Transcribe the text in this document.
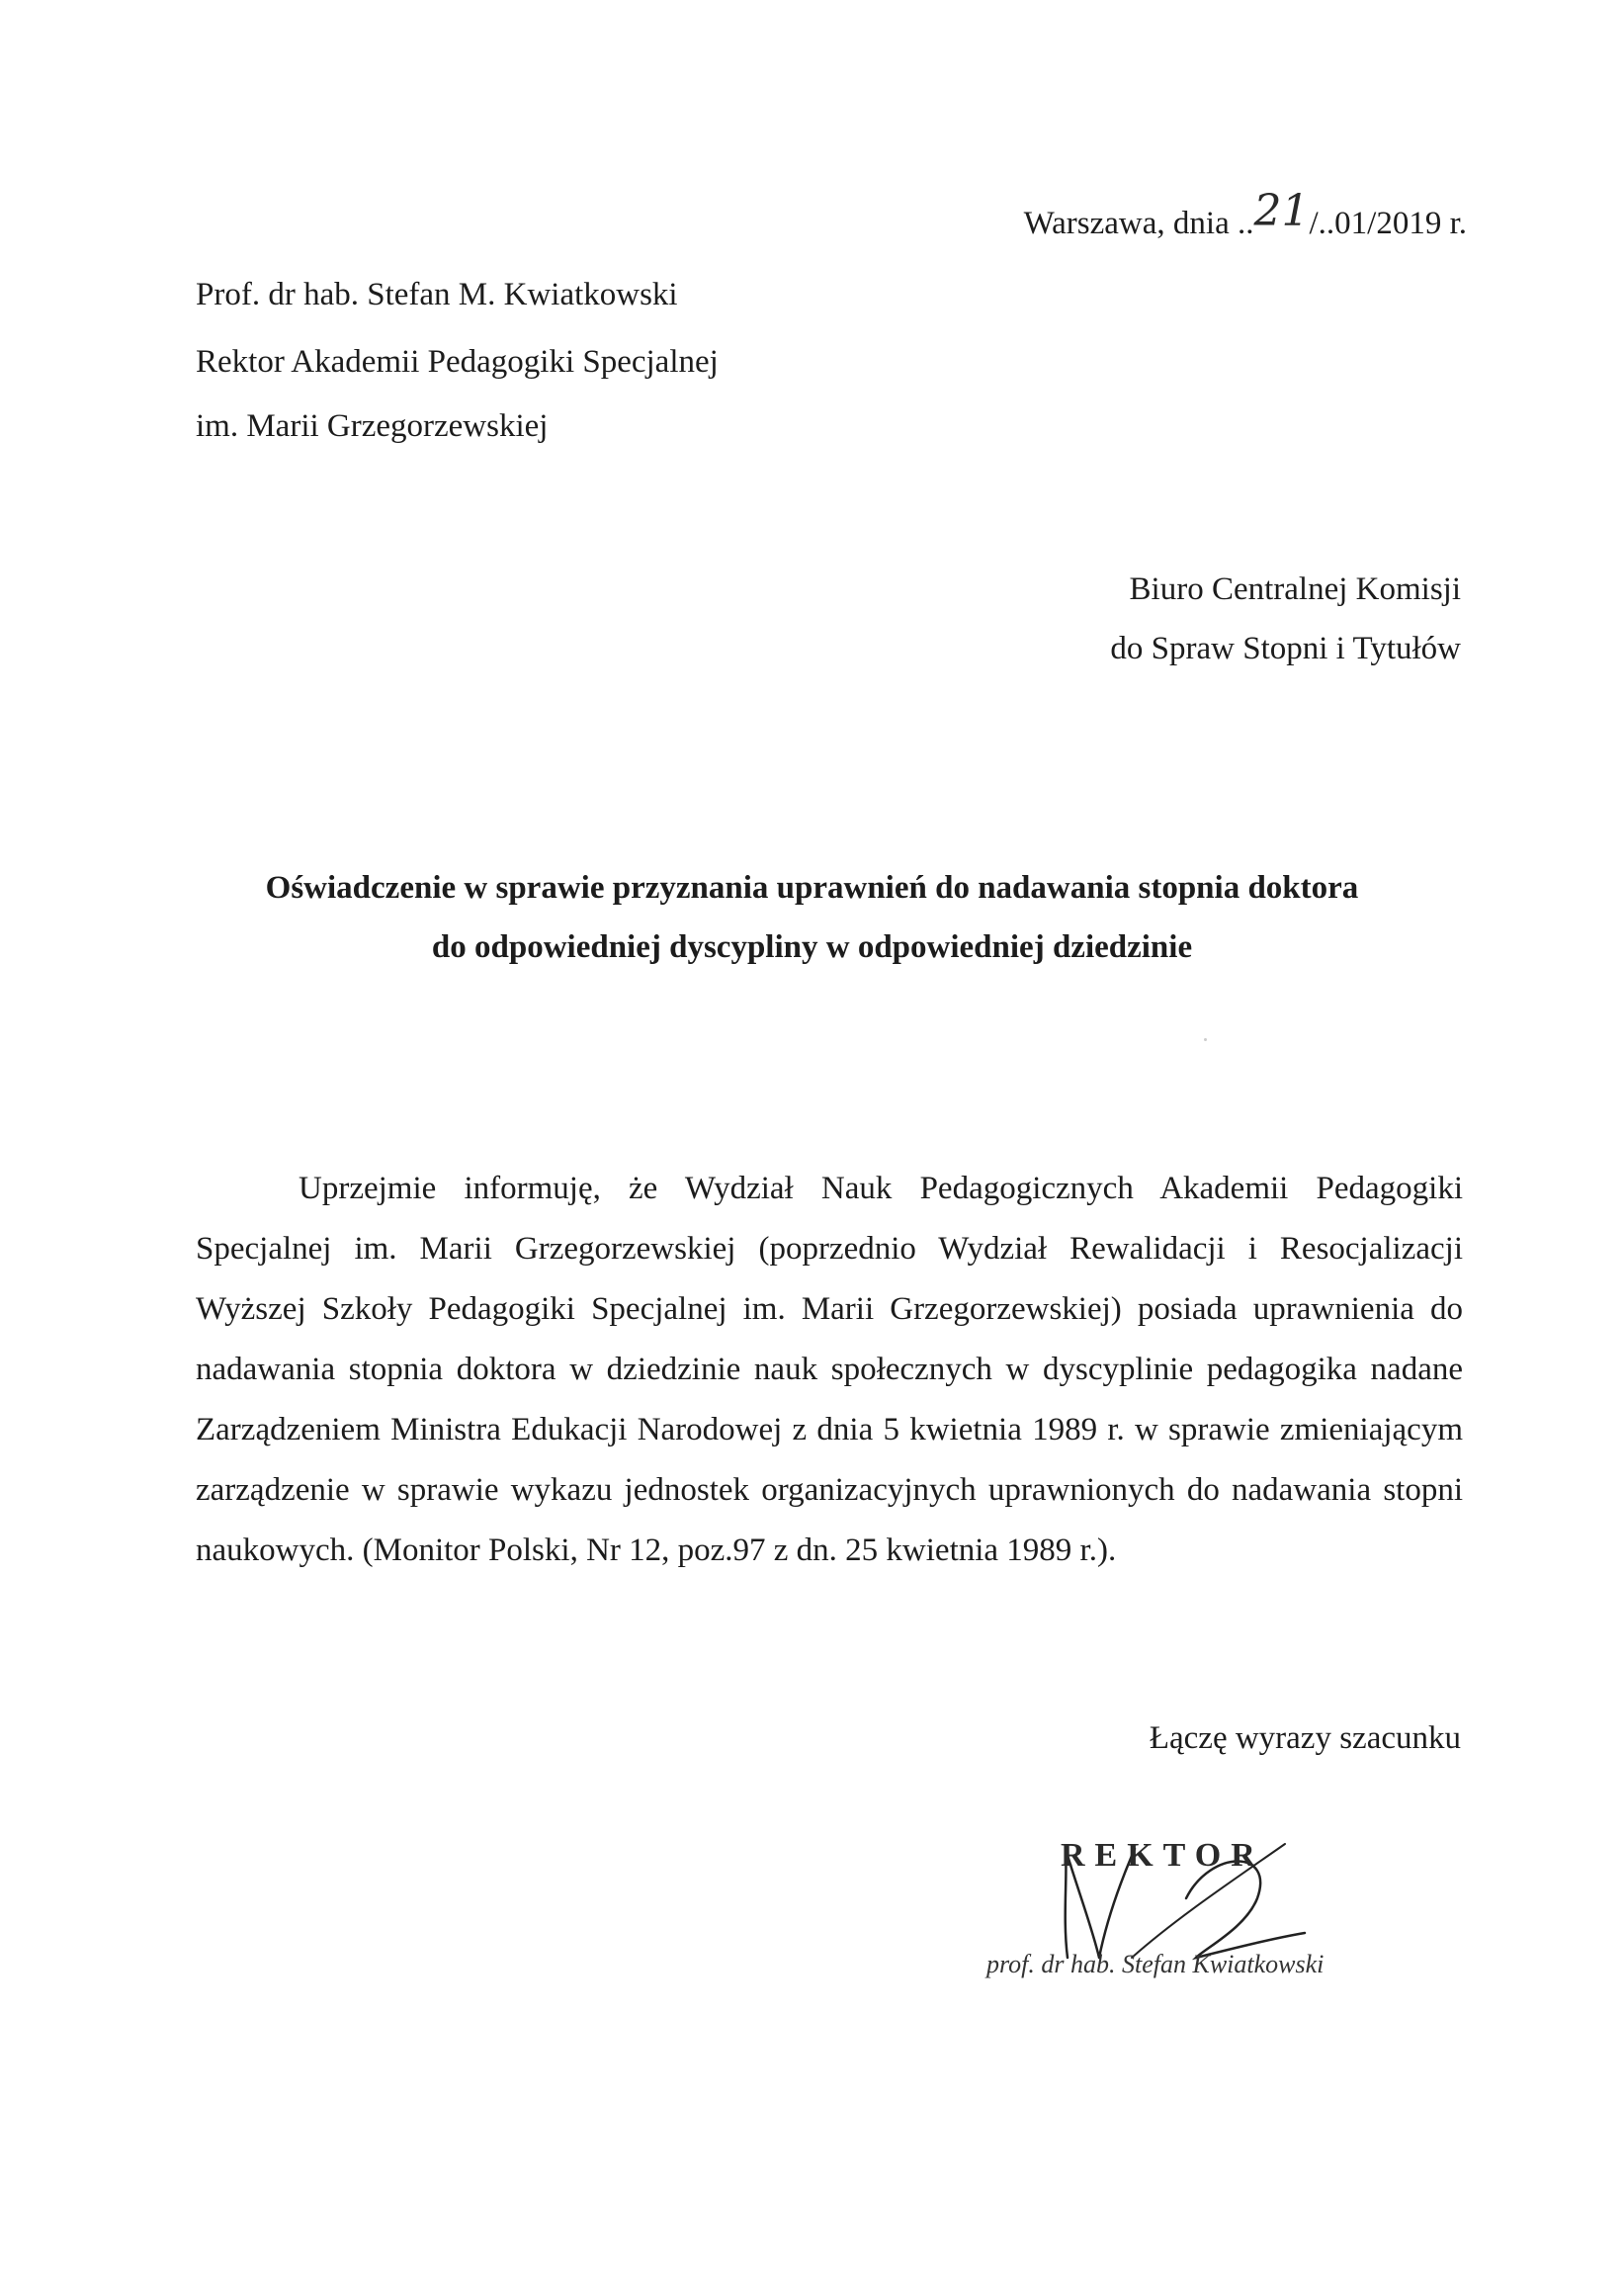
Warszawa, dnia ..21/..01/2019 r.
Prof. dr hab. Stefan M. Kwiatkowski
Rektor Akademii Pedagogiki Specjalnej
im. Marii Grzegorzewskiej
Biuro Centralnej Komisji
do Spraw Stopni i Tytułów
Oświadczenie w sprawie przyznania uprawnień do nadawania stopnia doktora
do odpowiedniej dyscypliny w odpowiedniej dziedzinie
Uprzejmie informuję, że Wydział Nauk Pedagogicznych Akademii Pedagogiki Specjalnej im. Marii Grzegorzewskiej (poprzednio Wydział Rewalidacji i Resocjalizacji Wyższej Szkoły Pedagogiki Specjalnej im. Marii Grzegorzewskiej) posiada uprawnienia do nadawania stopnia doktora w dziedzinie nauk społecznych w dyscyplinie pedagogika nadane Zarządzeniem Ministra Edukacji Narodowej z dnia 5 kwietnia 1989 r. w sprawie zmieniającym zarządzenie w sprawie wykazu jednostek organizacyjnych uprawnionych do nadawania stopni naukowych. (Monitor Polski, Nr 12, poz.97 z dn. 25 kwietnia 1989 r.).
Łączę wyrazy szacunku
REKTOR
prof. dr hab. Stefan Kwiatkowski
